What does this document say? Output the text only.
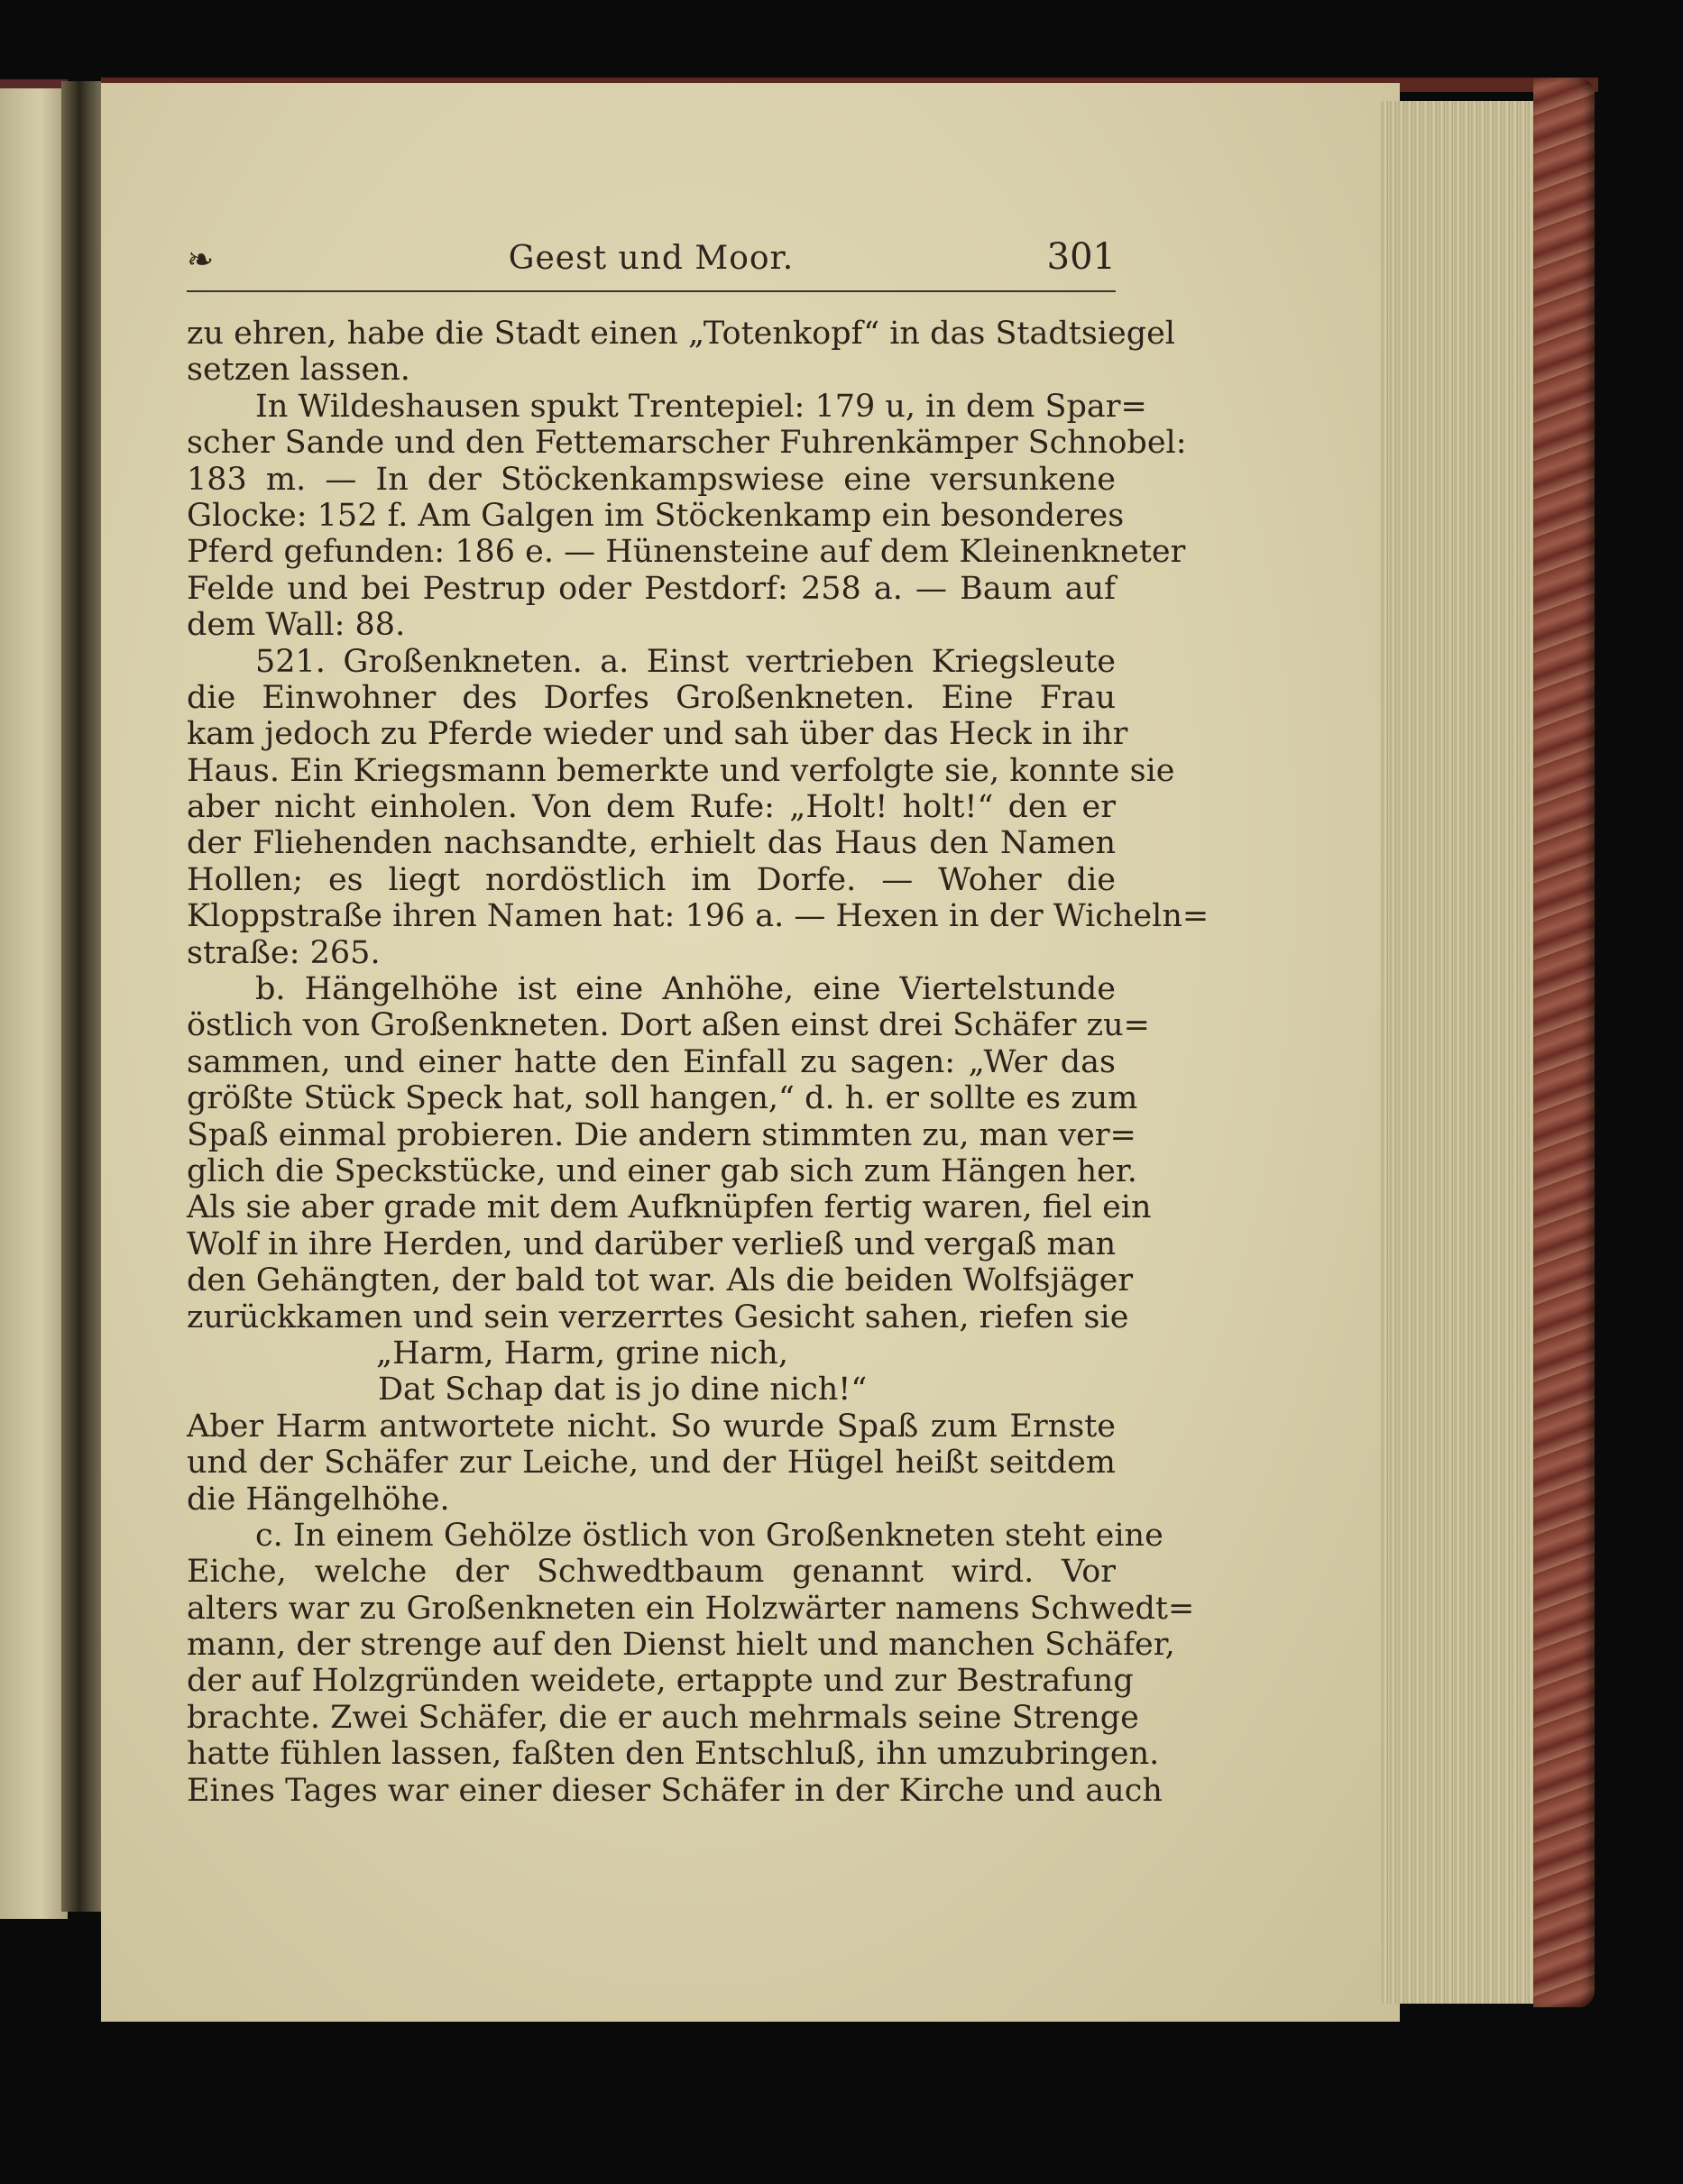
❧	Geest und Moor.	301
zu ehren, habe die Stadt einen „Totenkopf“ in das Stadtsiegel
setzen lassen.
In Wildeshausen spukt Trentepiel: 179 u, in dem Spar=
scher Sande und den Fettemarscher Fuhrenkämper Schnobel:
183 m. — In der Stöckenkampswiese eine versunkene
Glocke: 152 f. Am Galgen im Stöckenkamp ein besonderes
Pferd gefunden: 186 e. — Hünensteine auf dem Kleinenkneter
Felde und bei Pestrup oder Pestdorf: 258 a. — Baum auf
dem Wall: 88.
521. Großenkneten. a. Einst vertrieben Kriegsleute
die Einwohner des Dorfes Großenkneten. Eine Frau
kam jedoch zu Pferde wieder und sah über das Heck in ihr
Haus. Ein Kriegsmann bemerkte und verfolgte sie, konnte sie
aber nicht einholen. Von dem Rufe: „Holt! holt!“ den er
der Fliehenden nachsandte, erhielt das Haus den Namen
Hollen; es liegt nordöstlich im Dorfe. — Woher die
Kloppstraße ihren Namen hat: 196 a. — Hexen in der Wicheln=
straße: 265.
b. Hängelhöhe ist eine Anhöhe, eine Viertelstunde
östlich von Großenkneten. Dort aßen einst drei Schäfer zu=
sammen, und einer hatte den Einfall zu sagen: „Wer das
größte Stück Speck hat, soll hangen,“ d. h. er sollte es zum
Spaß einmal probieren. Die andern stimmten zu, man ver=
glich die Speckstücke, und einer gab sich zum Hängen her.
Als sie aber grade mit dem Aufknüpfen fertig waren, fiel ein
Wolf in ihre Herden, und darüber verließ und vergaß man
den Gehängten, der bald tot war. Als die beiden Wolfsjäger
zurückkamen und sein verzerrtes Gesicht sahen, riefen sie
„Harm, Harm, grine nich,
Dat Schap dat is jo dine nich!“
Aber Harm antwortete nicht. So wurde Spaß zum Ernste
und der Schäfer zur Leiche, und der Hügel heißt seitdem
die Hängelhöhe.
c. In einem Gehölze östlich von Großenkneten steht eine
Eiche, welche der Schwedtbaum genannt wird. Vor
alters war zu Großenkneten ein Holzwärter namens Schwedt=
mann, der strenge auf den Dienst hielt und manchen Schäfer,
der auf Holzgründen weidete, ertappte und zur Bestrafung
brachte. Zwei Schäfer, die er auch mehrmals seine Strenge
hatte fühlen lassen, faßten den Entschluß, ihn umzubringen.
Eines Tages war einer dieser Schäfer in der Kirche und auch
